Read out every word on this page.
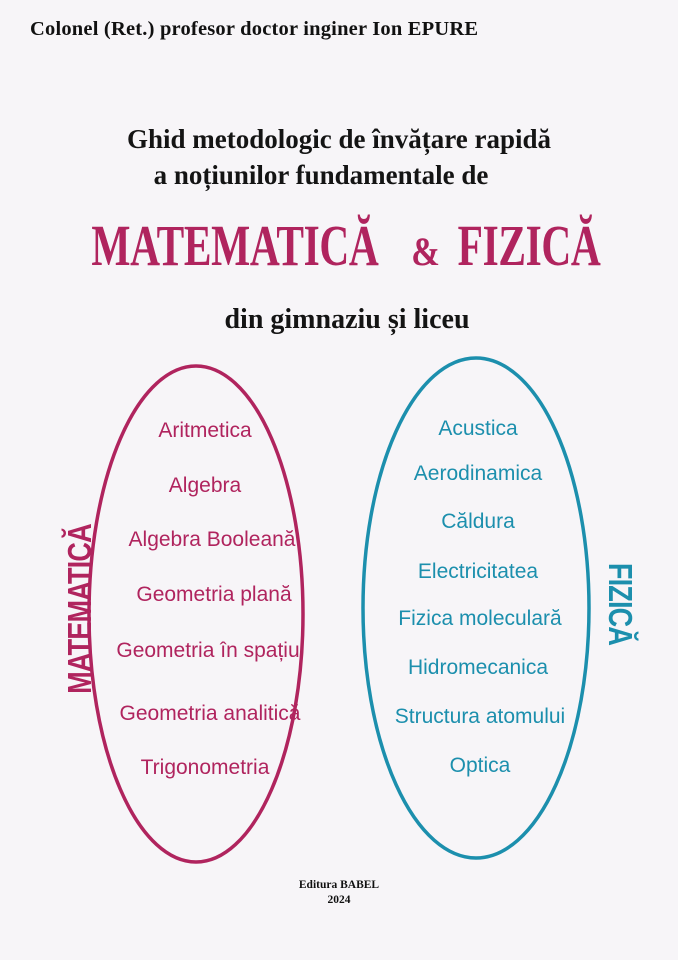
Colonel (Ret.) profesor doctor inginer Ion EPURE
Ghid metodologic de învățare rapidă
a noțiunilor fundamentale de
MATEMATICĂ & FIZICĂ
din gimnaziu și liceu
MATEMATICĂ	FIZICĂ
Aritmetica
Algebra
Algebra Booleană
Geometria plană
Geometria în spațiu
Geometria analitică
Trigonometria
Acustica
Aerodinamica
Căldura
Electricitatea
Fizica moleculară
Hidromecanica
Structura atomului
Optica
Editura BABEL
2024
